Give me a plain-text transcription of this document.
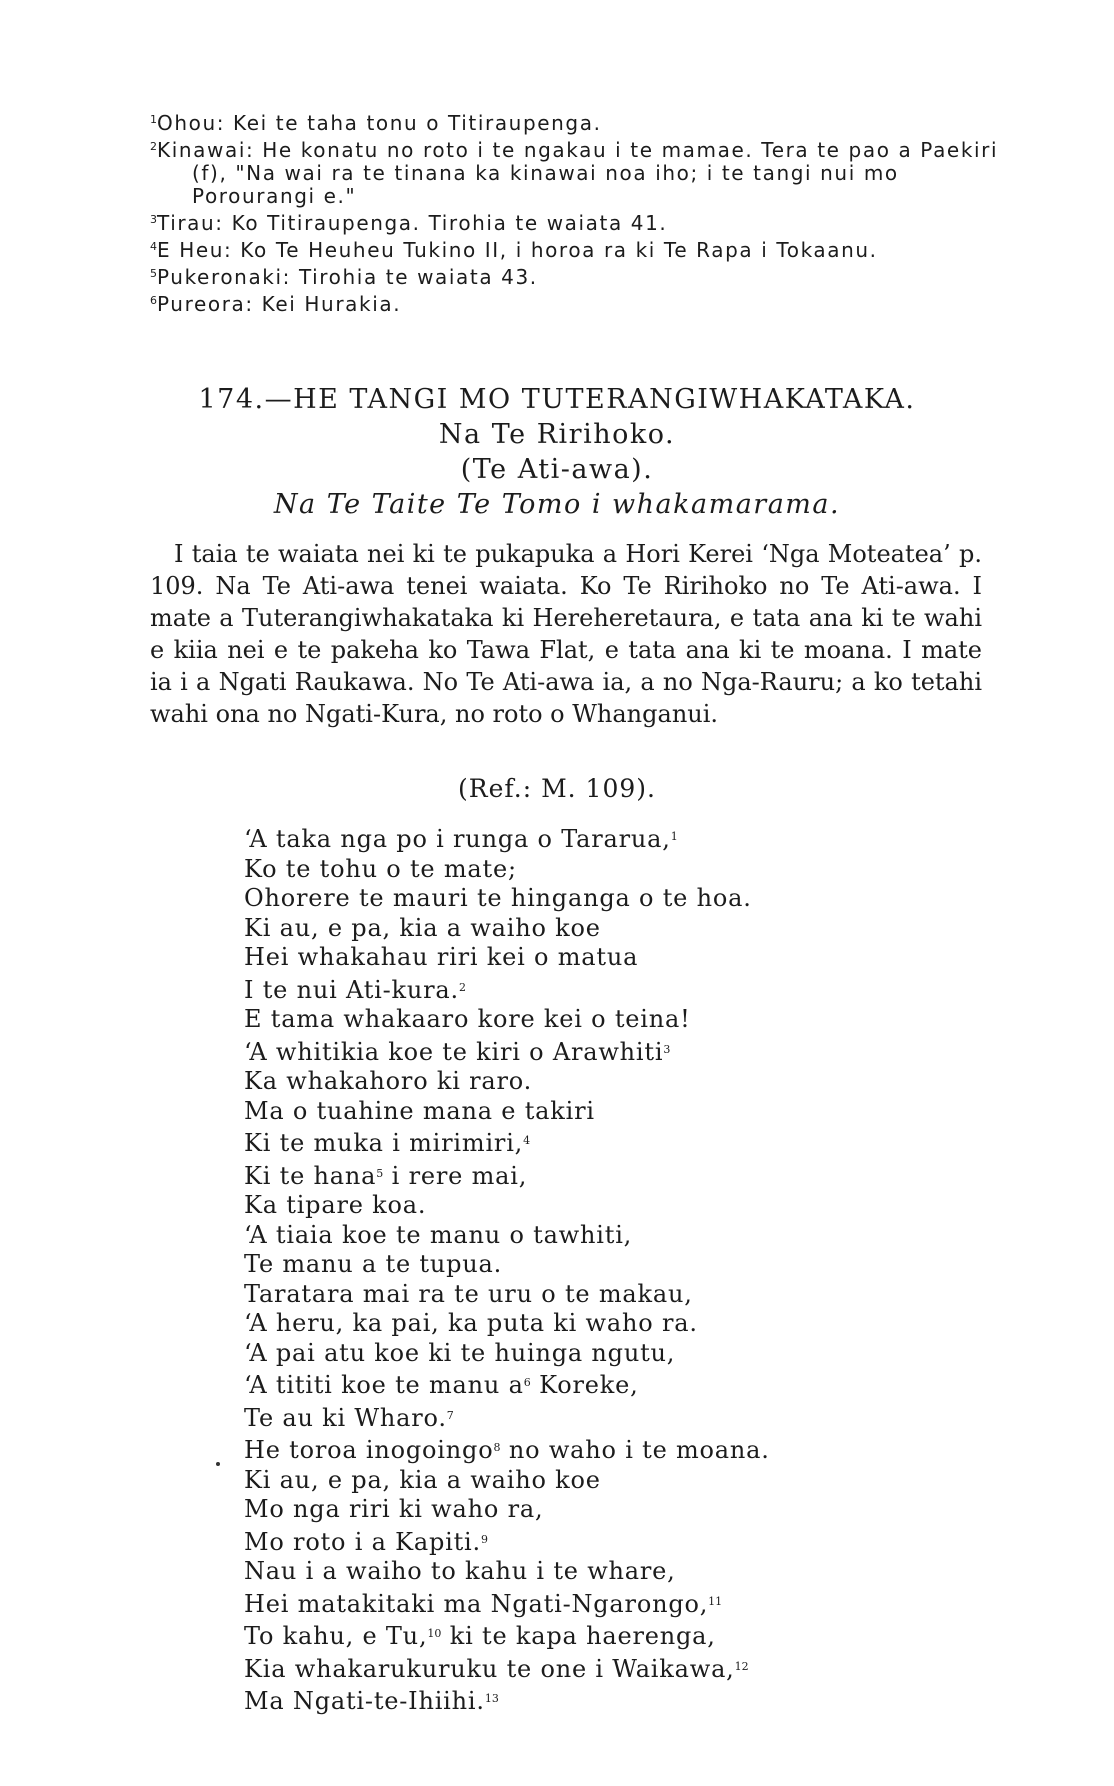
$^1$Ohou: Kei te taha tonu o Titiraupenga.

$^2$Kinawai: He konatu no roto i te ngakau i te mamae. Tera te pao a Paekiri (f), "Na wai ra te tinana ka kinawai noa iho; i te tangi nui mo Porourangi e."

$^3$Tirau: Ko Titiraupenga. Tirohia te waiata 41.

$^4$E Heu: Ko Te Heuheu Tukino II, i horoa ra ki Te Rapa i Tokaanu.

$^5$Pukeronaki: Tirohia te waiata 43.

$^6$Pureora: Kei Hurakia.

174.—HE TANGI MO TUTERANGIWHAKATAKA.
Na Te Ririhoko.
(Te Ati-awa).
Na Te Taite Te Tomo i whakamarama.

I taia te waiata nei ki te pukapuka a Hori Kerei ‘Nga Moteatea’ p. 109. Na Te Ati-awa tenei waiata. Ko Te Ririhoko no Te Ati-awa. I mate a Tuterangiwhakataka ki Hereheretaura, e tata ana ki te wahi e kiia nei e te pakeha ko Tawa Flat, e tata ana ki te moana. I mate ia i a Ngati Raukawa. No Te Ati-awa ia, a no Nga-Rauru; a ko tetahi wahi ona no Ngati-Kura, no roto o Whanganui.

(Ref.: M. 109).
‘A taka nga po i runga o Tararua,$^1$
Ko te tohu o te mate;
Ohorere te mauri te hinganga o te hoa.
Ki au, e pa, kia a waiho koe
Hei whakahau riri kei o matua
I te nui Ati-kura.$^2$
E tama whakaaro kore kei o teina!
‘A whitikia koe te kiri o Arawhiti$^3$
Ka whakahoro ki raro.
Ma o tuahine mana e takiri
Ki te muka i mirimiri,$^4$
Ki te hana$^5$ i rere mai,
Ka tipare koa.
‘A tiaia koe te manu o tawhiti,
Te manu a te tupua.
Taratara mai ra te uru o te makau,
‘A heru, ka pai, ka puta ki waho ra.
‘A pai atu koe ki te huinga ngutu,
‘A tititi koe te manu $a^6$ Koreke,
Te au ki Wharo.$^7$
He toroa inogoingo$^8$ no waho i te moana.
Ki au, e pa, kia a waiho koe
Mo nga riri ki waho ra,
Mo roto i a Kapiti.$^9$
Nau i a waiho to kahu i te whare,
Hei matakitaki ma Ngati-Ngarongo,$^{11}$
To kahu, e Tu,$^{10}$ ki te kapa haerenga,
Kia whakarukuruku te one i Waikawa,$^{12}$
Ma Ngati-te-Ihiihi.$^{13}$
